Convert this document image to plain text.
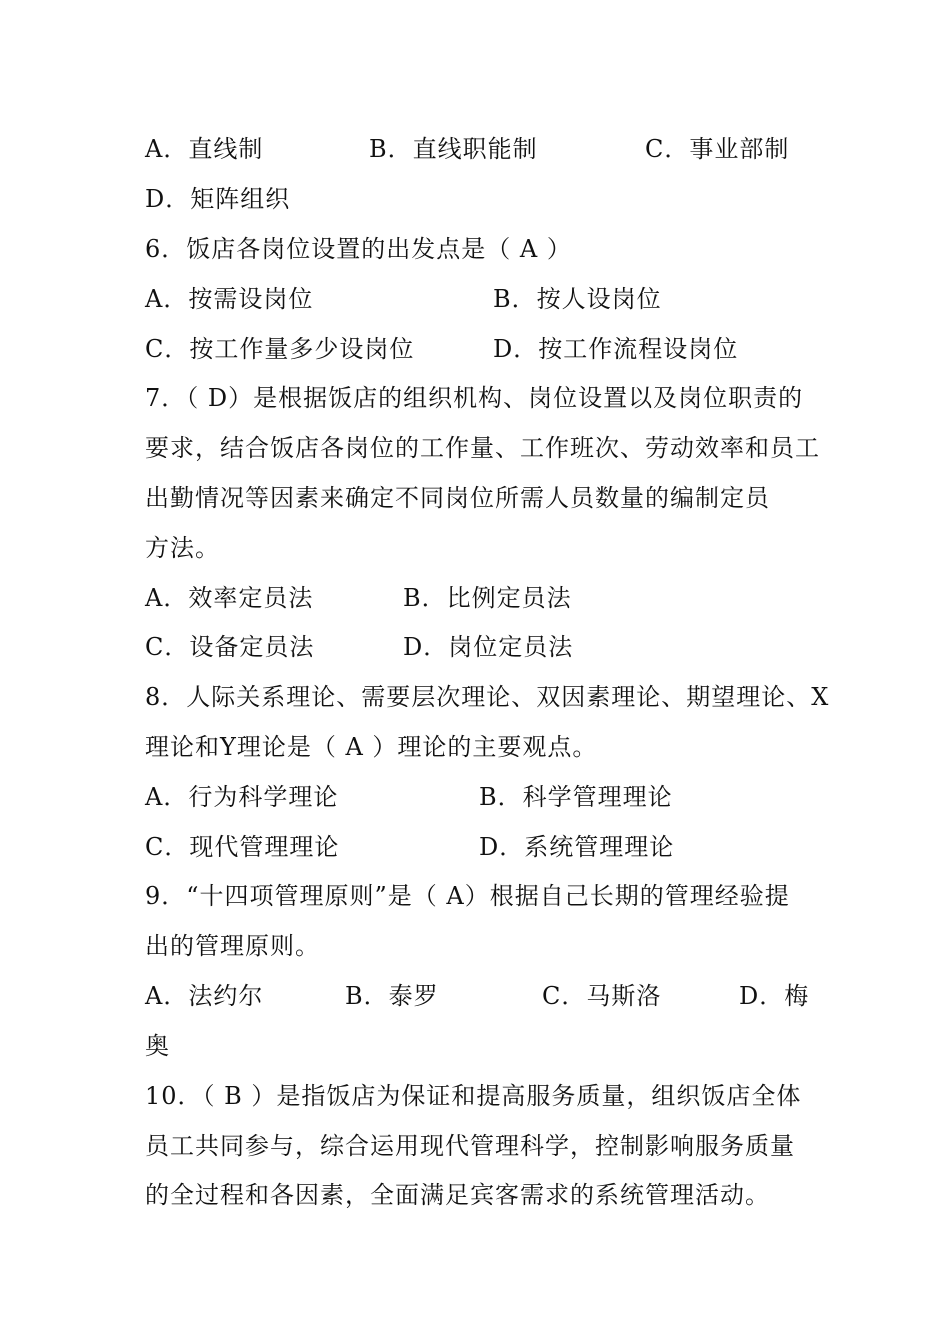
A．直线制	B．直线职能制	C．事业部制
D．矩阵组织
6．饭店各岗位设置的出发点是（ A ）
A．按需设岗位	B．按人设岗位
C．按工作量多少设岗位	D．按工作流程设岗位
7．（ D）是根据饭店的组织机构、岗位设置以及岗位职责的
要求，结合饭店各岗位的工作量、工作班次、劳动效率和员工
出勤情况等因素来确定不同岗位所需人员数量的编制定员
方法。
A．效率定员法	B．比例定员法
C．设备定员法	D．岗位定员法
8．人际关系理论、需要层次理论、双因素理论、期望理论、X
理论和Y理论是（ A ）理论的主要观点。
A．行为科学理论	B．科学管理理论
C．现代管理理论	D．系统管理理论
9．“十四项管理原则”是（ A）根据自己长期的管理经验提
出的管理原则。
A．法约尔	B．泰罗	C．马斯洛	D．梅
奥
10．（ B ）是指饭店为保证和提高服务质量，组织饭店全体
员工共同参与，综合运用现代管理科学，控制影响服务质量
的全过程和各因素，全面满足宾客需求的系统管理活动。
